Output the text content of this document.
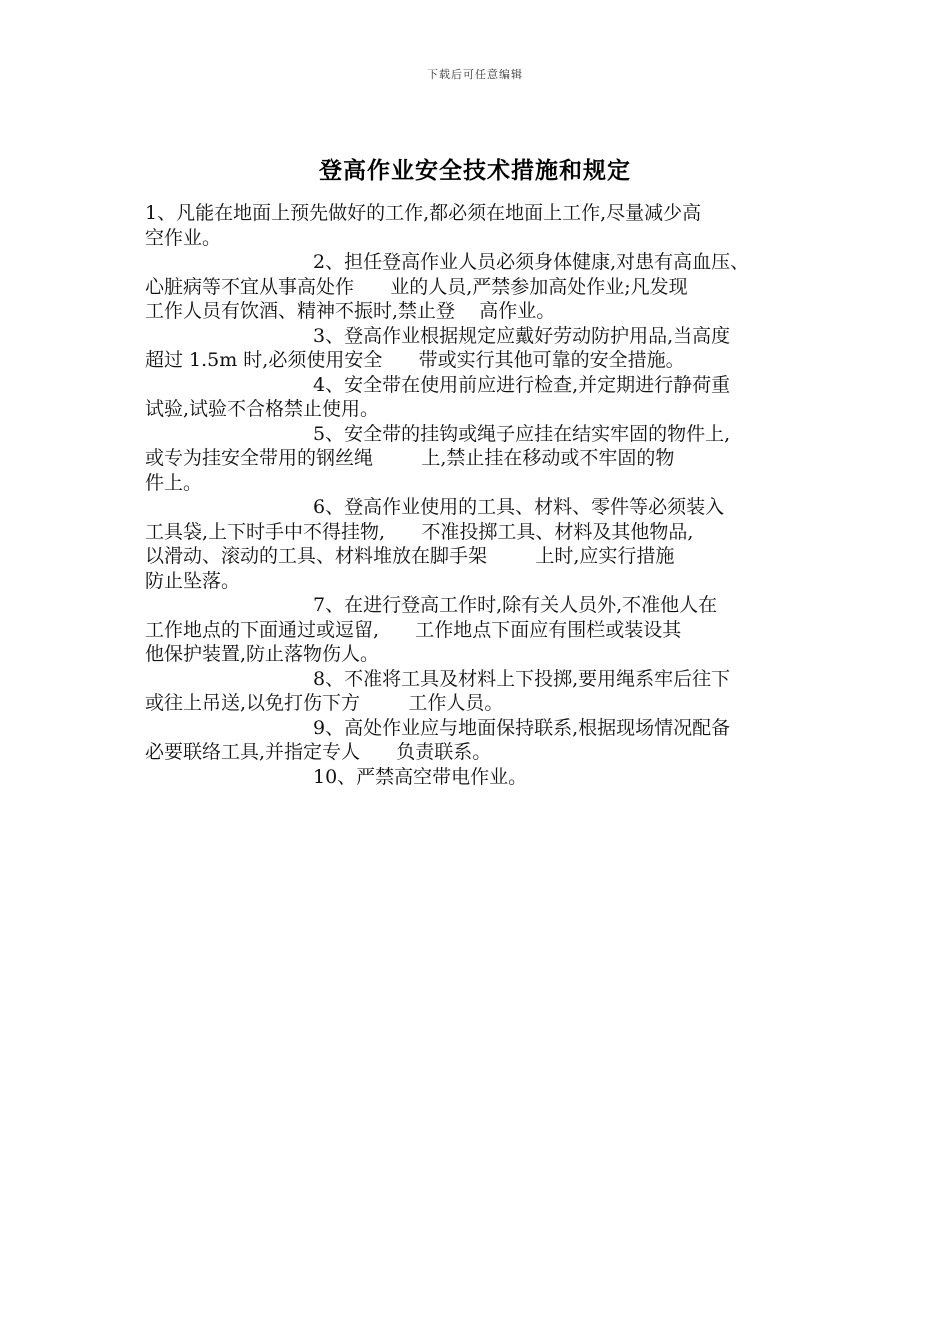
下载后可任意编辑
登高作业安全技术措施和规定
1、凡能在地面上预先做好的工作,都必须在地面上工作,尽量减少高
空作业。
2、担任登高作业人员必须身体健康,对患有高血压、
心脏病等不宜从事高处作      业的人员,严禁参加高处作业;凡发现
工作人员有饮酒、精神不振时,禁止登    高作业。
3、登高作业根据规定应戴好劳动防护用品,当高度
超过 1.5m 时,必须使用安全      带或实行其他可靠的安全措施。
4、安全带在使用前应进行检查,并定期进行静荷重
试验,试验不合格禁止使用。
5、安全带的挂钩或绳子应挂在结实牢固的物件上,
或专为挂安全带用的钢丝绳        上,禁止挂在移动或不牢固的物
件上。
6、登高作业使用的工具、材料、零件等必须装入
工具袋,上下时手中不得挂物,      不准投掷工具、材料及其他物品,
以滑动、滚动的工具、材料堆放在脚手架        上时,应实行措施
防止坠落。
7、在进行登高工作时,除有关人员外,不准他人在
工作地点的下面通过或逗留,      工作地点下面应有围栏或装设其
他保护装置,防止落物伤人。
8、不准将工具及材料上下投掷,要用绳系牢后往下
或往上吊送,以免打伤下方        工作人员。
9、高处作业应与地面保持联系,根据现场情况配备
必要联络工具,并指定专人      负责联系。
10、严禁高空带电作业。
